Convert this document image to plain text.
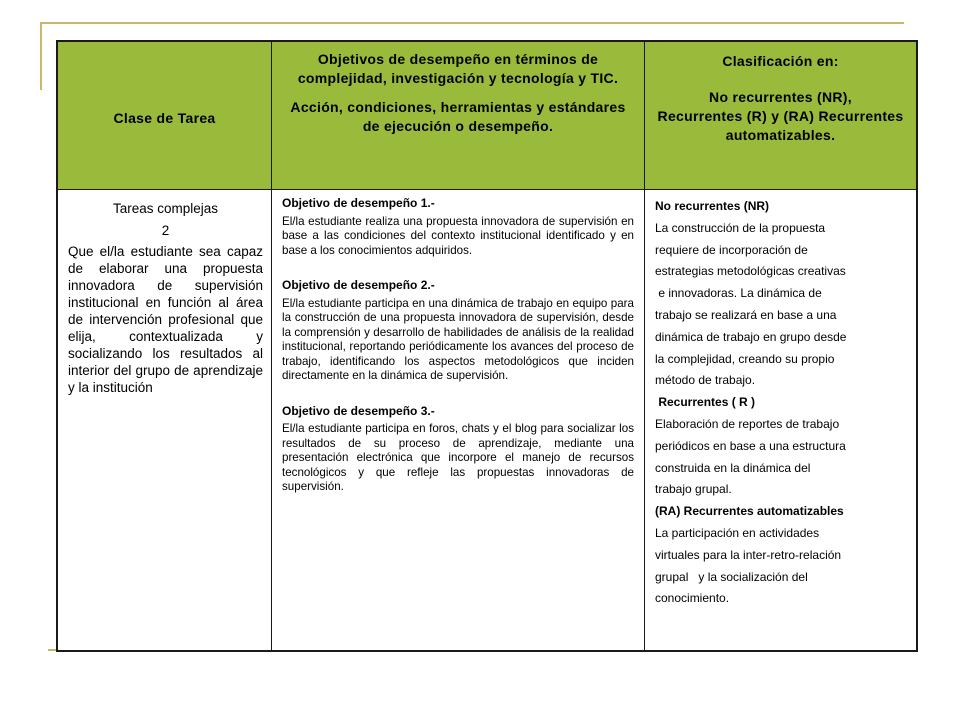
Clase de Tarea

Objetivos de desempeño en términos de complejidad, investigación y tecnología y TIC.

Acción, condiciones, herramientas y estándares de ejecución o desempeño.

Clasificación en:

No recurrentes (NR),

Recurrentes (R) y (RA) Recurrentes automatizables.

Tareas complejas

2

Que el/la estudiante sea capaz de elaborar una propuesta innovadora de supervisión institucional en función al área de intervención profesional que elija, contextualizada y socializando los resultados al interior del grupo de aprendizaje y la institución

Objetivo de desempeño 1.-

El/la estudiante realiza una propuesta innovadora de supervisión en base a las condiciones del contexto institucional identificado y en base a los conocimientos adquiridos.

Objetivo de desempeño 2.-

El/la estudiante participa en una dinámica de trabajo en equipo para la construcción de una propuesta innovadora de supervisión, desde la comprensión y desarrollo de habilidades de análisis de la realidad institucional, reportando periódicamente los avances del proceso de trabajo, identificando los aspectos metodológicos que inciden directamente en la dinámica de supervisión.

Objetivo de desempeño 3.-

El/la estudiante participa en foros, chats y el blog para socializar los resultados de su proceso de aprendizaje, mediante una presentación electrónica que incorpore el manejo de recursos tecnológicos y que refleje las propuestas innovadoras de supervisión.

No recurrentes (NR)
La construcción de la propuesta
requiere de incorporación de
estrategias metodológicas creativas
e innovadoras. La dinámica de
trabajo se realizará en base a una
dinámica de trabajo en grupo desde
la complejidad, creando su propio
método de trabajo.
Recurrentes ( R )
Elaboración de reportes de trabajo
periódicos en base a una estructura
construida en la dinámica del
trabajo grupal.
(RA) Recurrentes automatizables
La participación en actividades
virtuales para la inter-retro-relación
grupal   y la socialización del
conocimiento.
